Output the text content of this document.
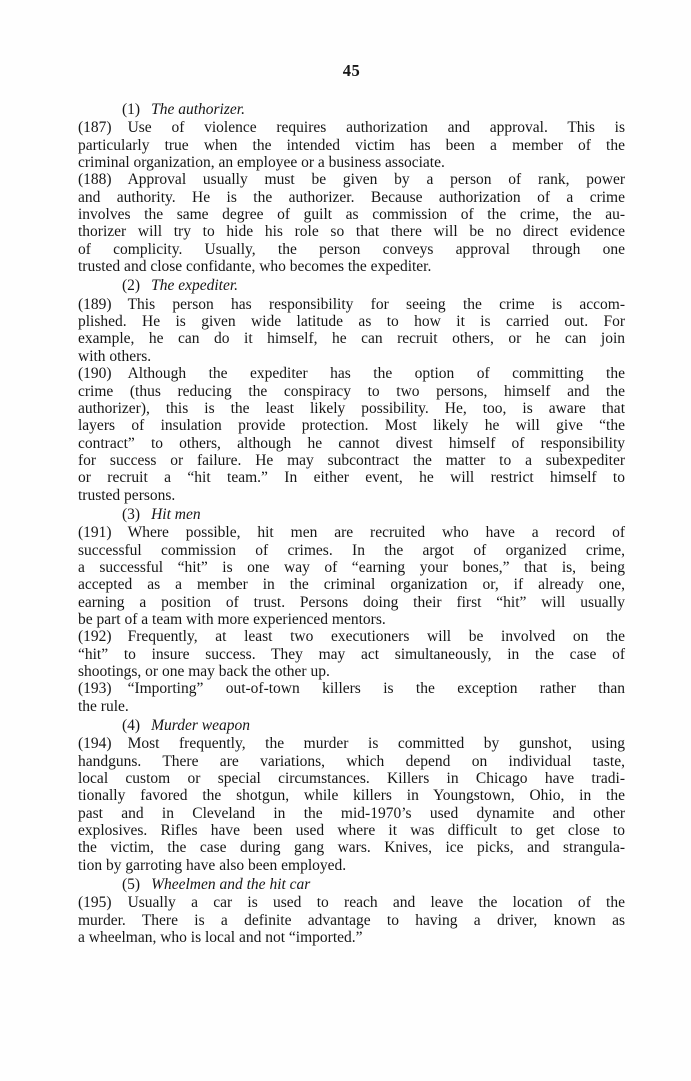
45
(1) The authorizer.
(187) Use of violence requires authorization and approval. This is
particularly true when the intended victim has been a member of the
criminal organization, an employee or a business associate.
(188) Approval usually must be given by a person of rank, power
and authority. He is the authorizer. Because authorization of a crime
involves the same degree of guilt as commission of the crime, the au-
thorizer will try to hide his role so that there will be no direct evidence
of complicity. Usually, the person conveys approval through one
trusted and close confidante, who becomes the expediter.
(2) The expediter.
(189) This person has responsibility for seeing the crime is accom-
plished. He is given wide latitude as to how it is carried out. For
example, he can do it himself, he can recruit others, or he can join
with others.
(190) Although the expediter has the option of committing the
crime (thus reducing the conspiracy to two persons, himself and the
authorizer), this is the least likely possibility. He, too, is aware that
layers of insulation provide protection. Most likely he will give “the
contract” to others, although he cannot divest himself of responsibility
for success or failure. He may subcontract the matter to a subexpediter
or recruit a “hit team.” In either event, he will restrict himself to
trusted persons.
(3) Hit men
(191) Where possible, hit men are recruited who have a record of
successful commission of crimes. In the argot of organized crime,
a successful “hit” is one way of “earning your bones,” that is, being
accepted as a member in the criminal organization or, if already one,
earning a position of trust. Persons doing their first “hit” will usually
be part of a team with more experienced mentors.
(192) Frequently, at least two executioners will be involved on the
“hit” to insure success. They may act simultaneously, in the case of
shootings, or one may back the other up.
(193) “Importing” out-of-town killers is the exception rather than
the rule.
(4) Murder weapon
(194) Most frequently, the murder is committed by gunshot, using
handguns. There are variations, which depend on individual taste,
local custom or special circumstances. Killers in Chicago have tradi-
tionally favored the shotgun, while killers in Youngstown, Ohio, in the
past and in Cleveland in the mid-1970’s used dynamite and other
explosives. Rifles have been used where it was difficult to get close to
the victim, the case during gang wars. Knives, ice picks, and strangula-
tion by garroting have also been employed.
(5) Wheelmen and the hit car
(195) Usually a car is used to reach and leave the location of the
murder. There is a definite advantage to having a driver, known as
a wheelman, who is local and not “imported.”
